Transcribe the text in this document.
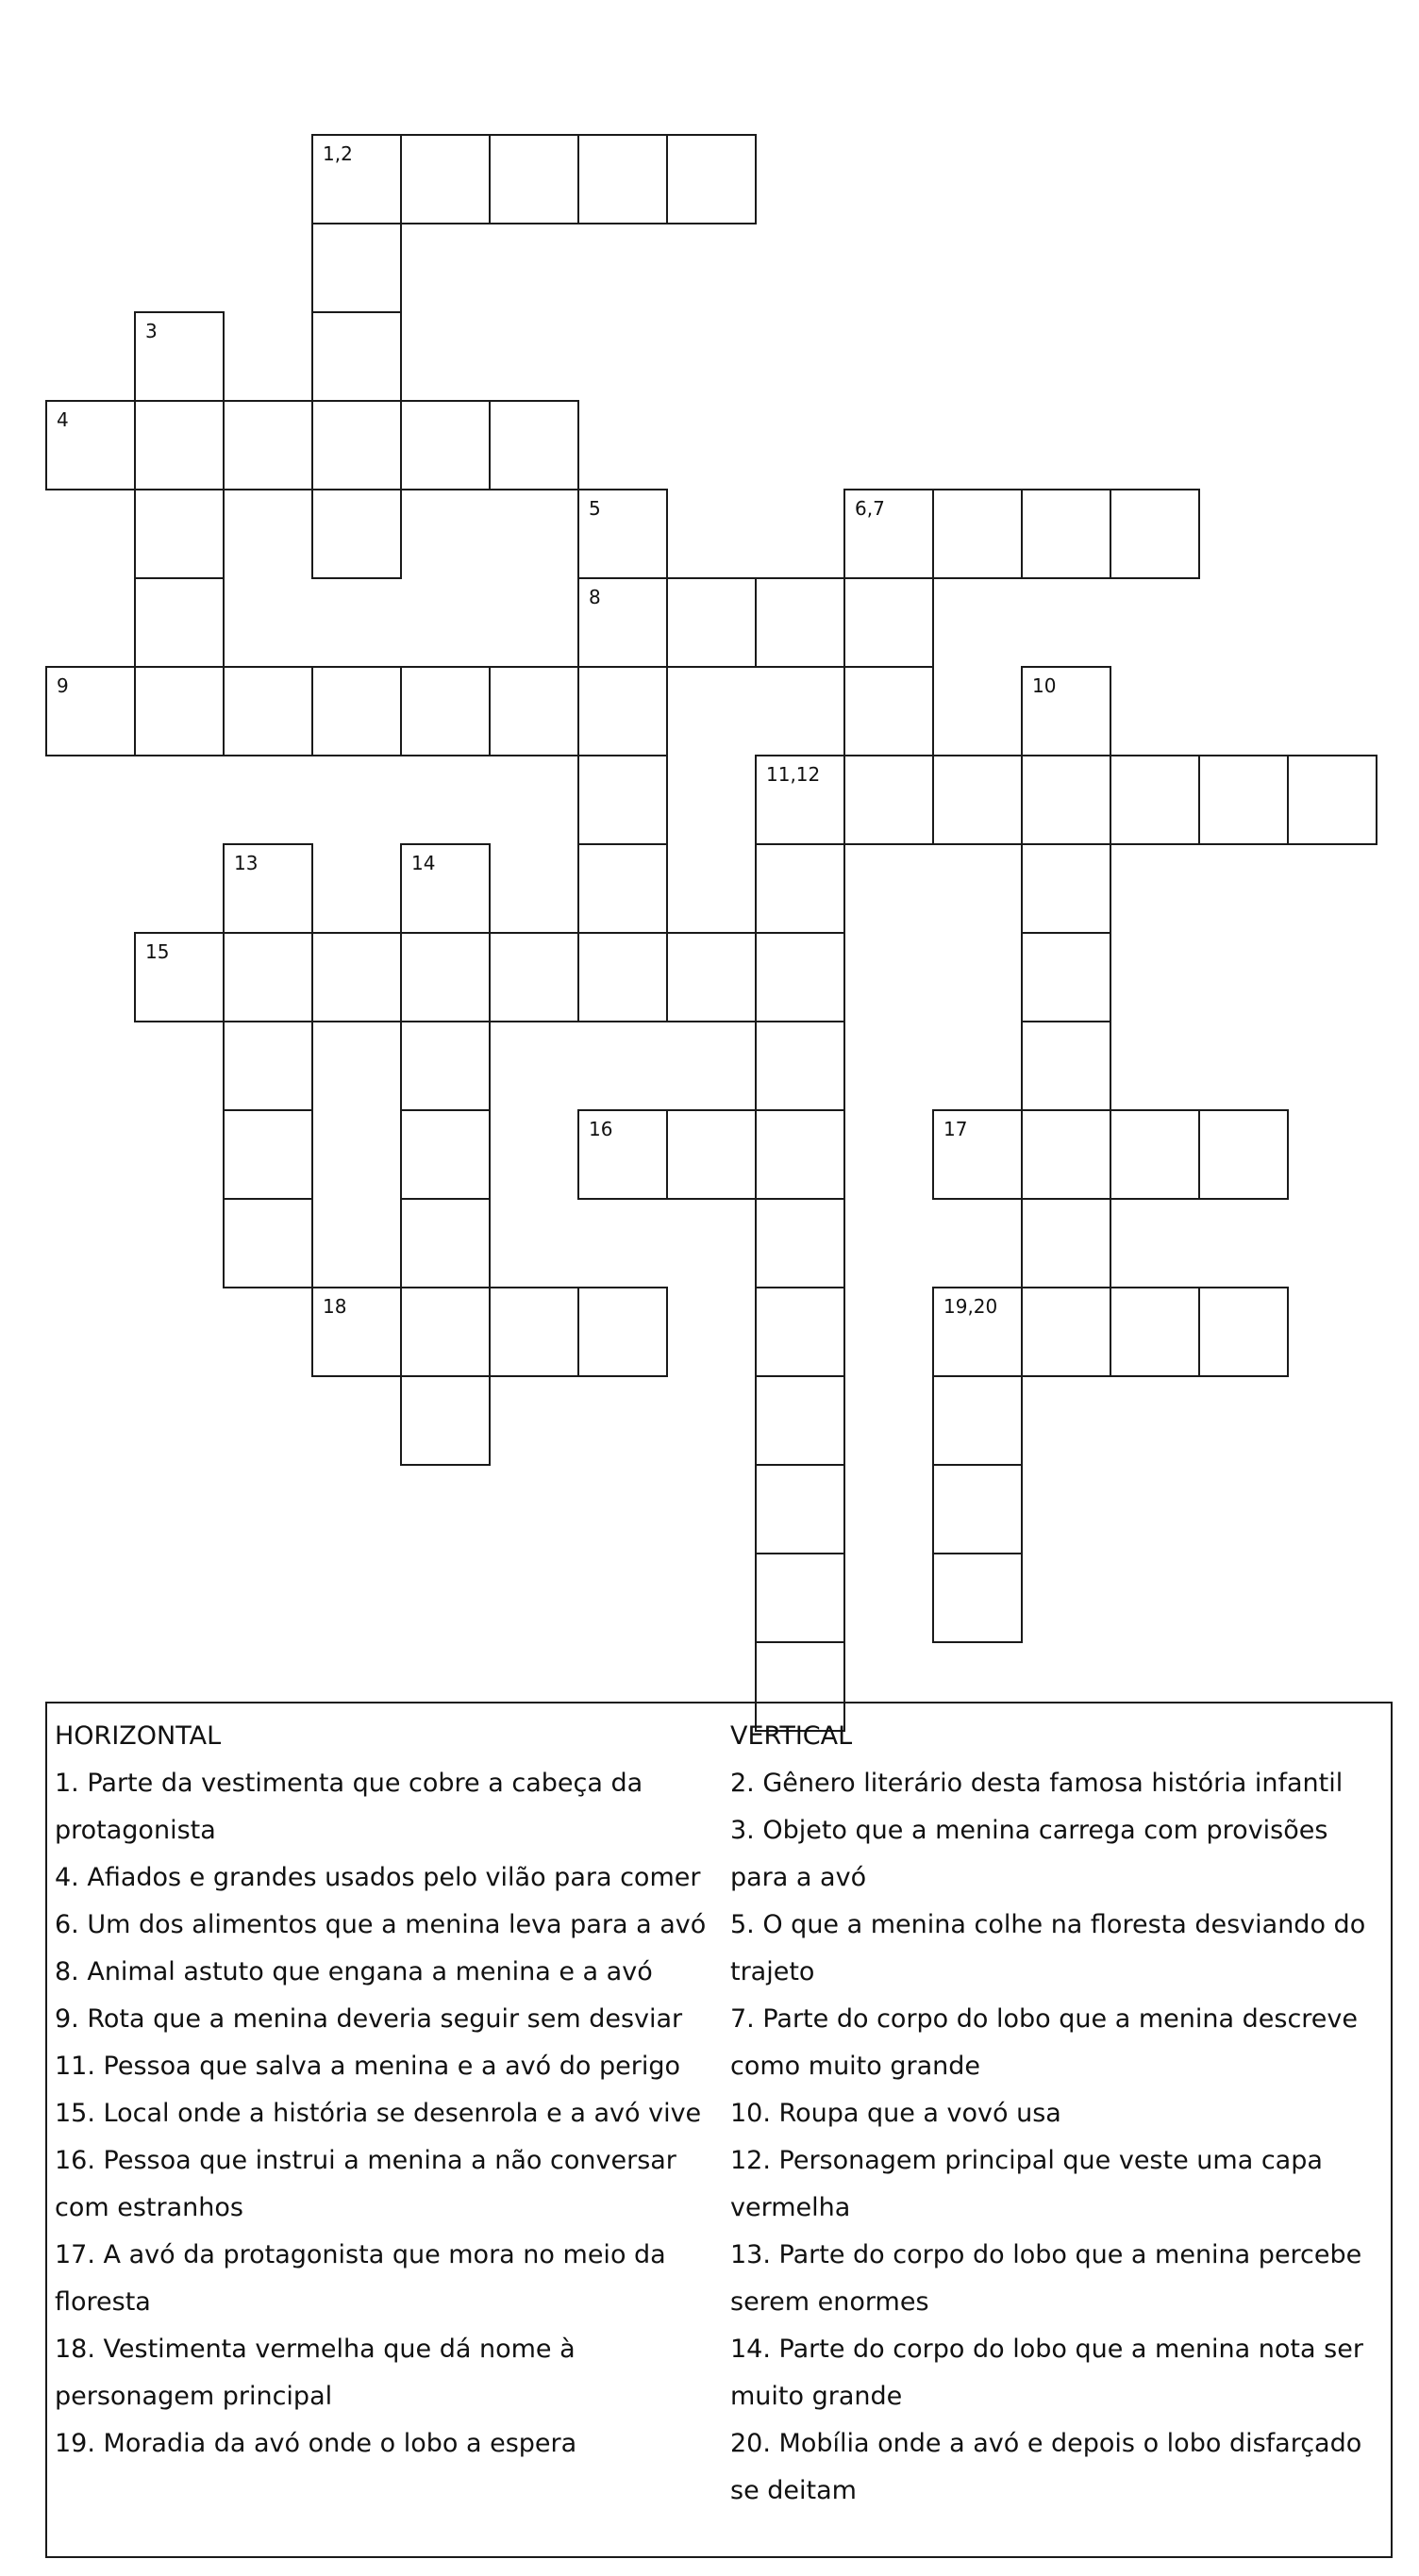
1,2
3
4
5	6,7
8
9	10
11,12
13	14
15
16	17
18	19,20
HORIZONTAL
1. Parte da vestimenta que cobre a cabeça da protagonista
4. Afiados e grandes usados pelo vilão para comer
6. Um dos alimentos que a menina leva para a avó
8. Animal astuto que engana a menina e a avó
9. Rota que a menina deveria seguir sem desviar
11. Pessoa que salva a menina e a avó do perigo
15. Local onde a história se desenrola e a avó vive
16. Pessoa que instrui a menina a não conversar com estranhos
17. A avó da protagonista que mora no meio da floresta
18. Vestimenta vermelha que dá nome à personagem principal
19. Moradia da avó onde o lobo a espera
VERTICAL
2. Gênero literário desta famosa história infantil
3. Objeto que a menina carrega com provisões para a avó
5. O que a menina colhe na floresta desviando do trajeto
7. Parte do corpo do lobo que a menina descreve como muito grande
10. Roupa que a vovó usa
12. Personagem principal que veste uma capa vermelha
13. Parte do corpo do lobo que a menina percebe serem enormes
14. Parte do corpo do lobo que a menina nota ser muito grande
20. Mobília onde a avó e depois o lobo disfarçado se deitam
